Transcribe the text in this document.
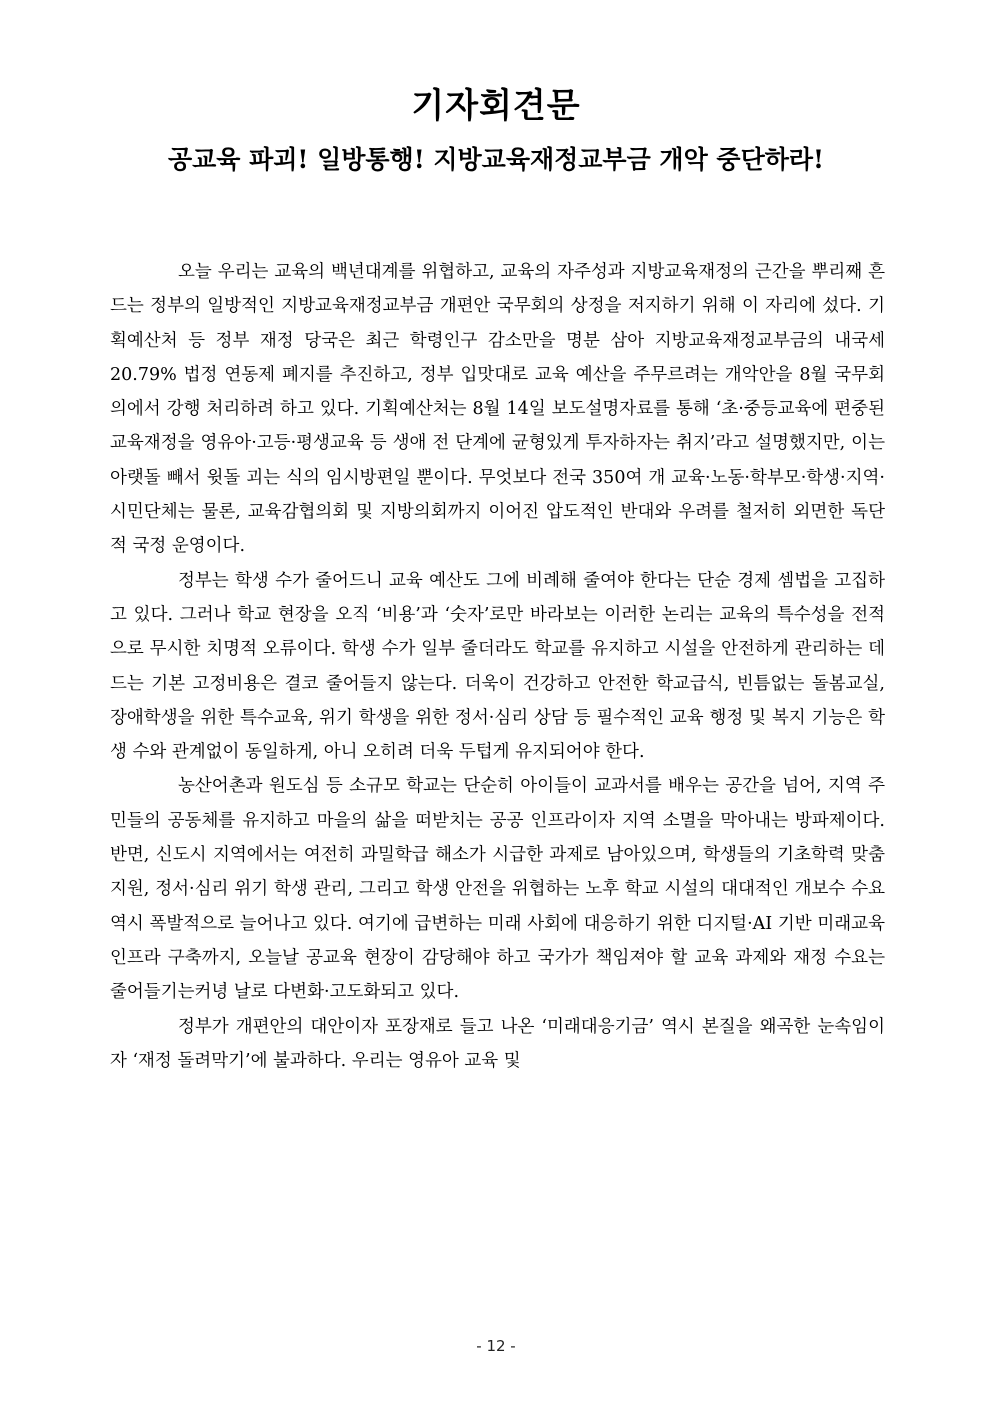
기자회견문
공교육 파괴! 일방통행! 지방교육재정교부금 개악 중단하라!

오늘 우리는 교육의 백년대계를 위협하고, 교육의 자주성과 지방교육재정의 근간을 뿌리째 흔드는 정부의 일방적인 지방교육재정교부금 개편안 국무회의 상정을 저지하기 위해 이 자리에 섰다. 기획예산처 등 정부 재정 당국은 최근 학령인구 감소만을 명분 삼아 지방교육재정교부금의 내국세 20.79% 법정 연동제 폐지를 추진하고, 정부 입맛대로 교육 예산을 주무르려는 개악안을 8월 국무회의에서 강행 처리하려 하고 있다. 기획예산처는 8월 14일 보도설명자료를 통해 ‘초·중등교육에 편중된 교육재정을 영유아·고등·평생교육 등 생애 전 단계에 균형있게 투자하자는 취지’라고 설명했지만, 이는 아랫돌 빼서 윗돌 괴는 식의 임시방편일 뿐이다. 무엇보다 전국 350여 개 교육·노동·학부모·학생·지역·시민단체는 물론, 교육감협의회 및 지방의회까지 이어진 압도적인 반대와 우려를 철저히 외면한 독단적 국정 운영이다.

정부는 학생 수가 줄어드니 교육 예산도 그에 비례해 줄여야 한다는 단순 경제 셈법을 고집하고 있다. 그러나 학교 현장을 오직 ‘비용’과 ‘숫자’로만 바라보는 이러한 논리는 교육의 특수성을 전적으로 무시한 치명적 오류이다. 학생 수가 일부 줄더라도 학교를 유지하고 시설을 안전하게 관리하는 데 드는 기본 고정비용은 결코 줄어들지 않는다. 더욱이 건강하고 안전한 학교급식, 빈틈없는 돌봄교실, 장애학생을 위한 특수교육, 위기 학생을 위한 정서·심리 상담 등 필수적인 교육 행정 및 복지 기능은 학생 수와 관계없이 동일하게, 아니 오히려 더욱 두텁게 유지되어야 한다.

농산어촌과 원도심 등 소규모 학교는 단순히 아이들이 교과서를 배우는 공간을 넘어, 지역 주민들의 공동체를 유지하고 마을의 삶을 떠받치는 공공 인프라이자 지역 소멸을 막아내는 방파제이다. 반면, 신도시 지역에서는 여전히 과밀학급 해소가 시급한 과제로 남아있으며, 학생들의 기초학력 맞춤 지원, 정서·심리 위기 학생 관리, 그리고 학생 안전을 위협하는 노후 학교 시설의 대대적인 개보수 수요 역시 폭발적으로 늘어나고 있다. 여기에 급변하는 미래 사회에 대응하기 위한 디지털·AI 기반 미래교육 인프라 구축까지, 오늘날 공교육 현장이 감당해야 하고 국가가 책임져야 할 교육 과제와 재정 수요는 줄어들기는커녕 날로 다변화·고도화되고 있다.

정부가 개편안의 대안이자 포장재로 들고 나온 ‘미래대응기금’ 역시 본질을 왜곡한 눈속임이자 ‘재정 돌려막기’에 불과하다. 우리는 영유아 교육 및

- 12 -
